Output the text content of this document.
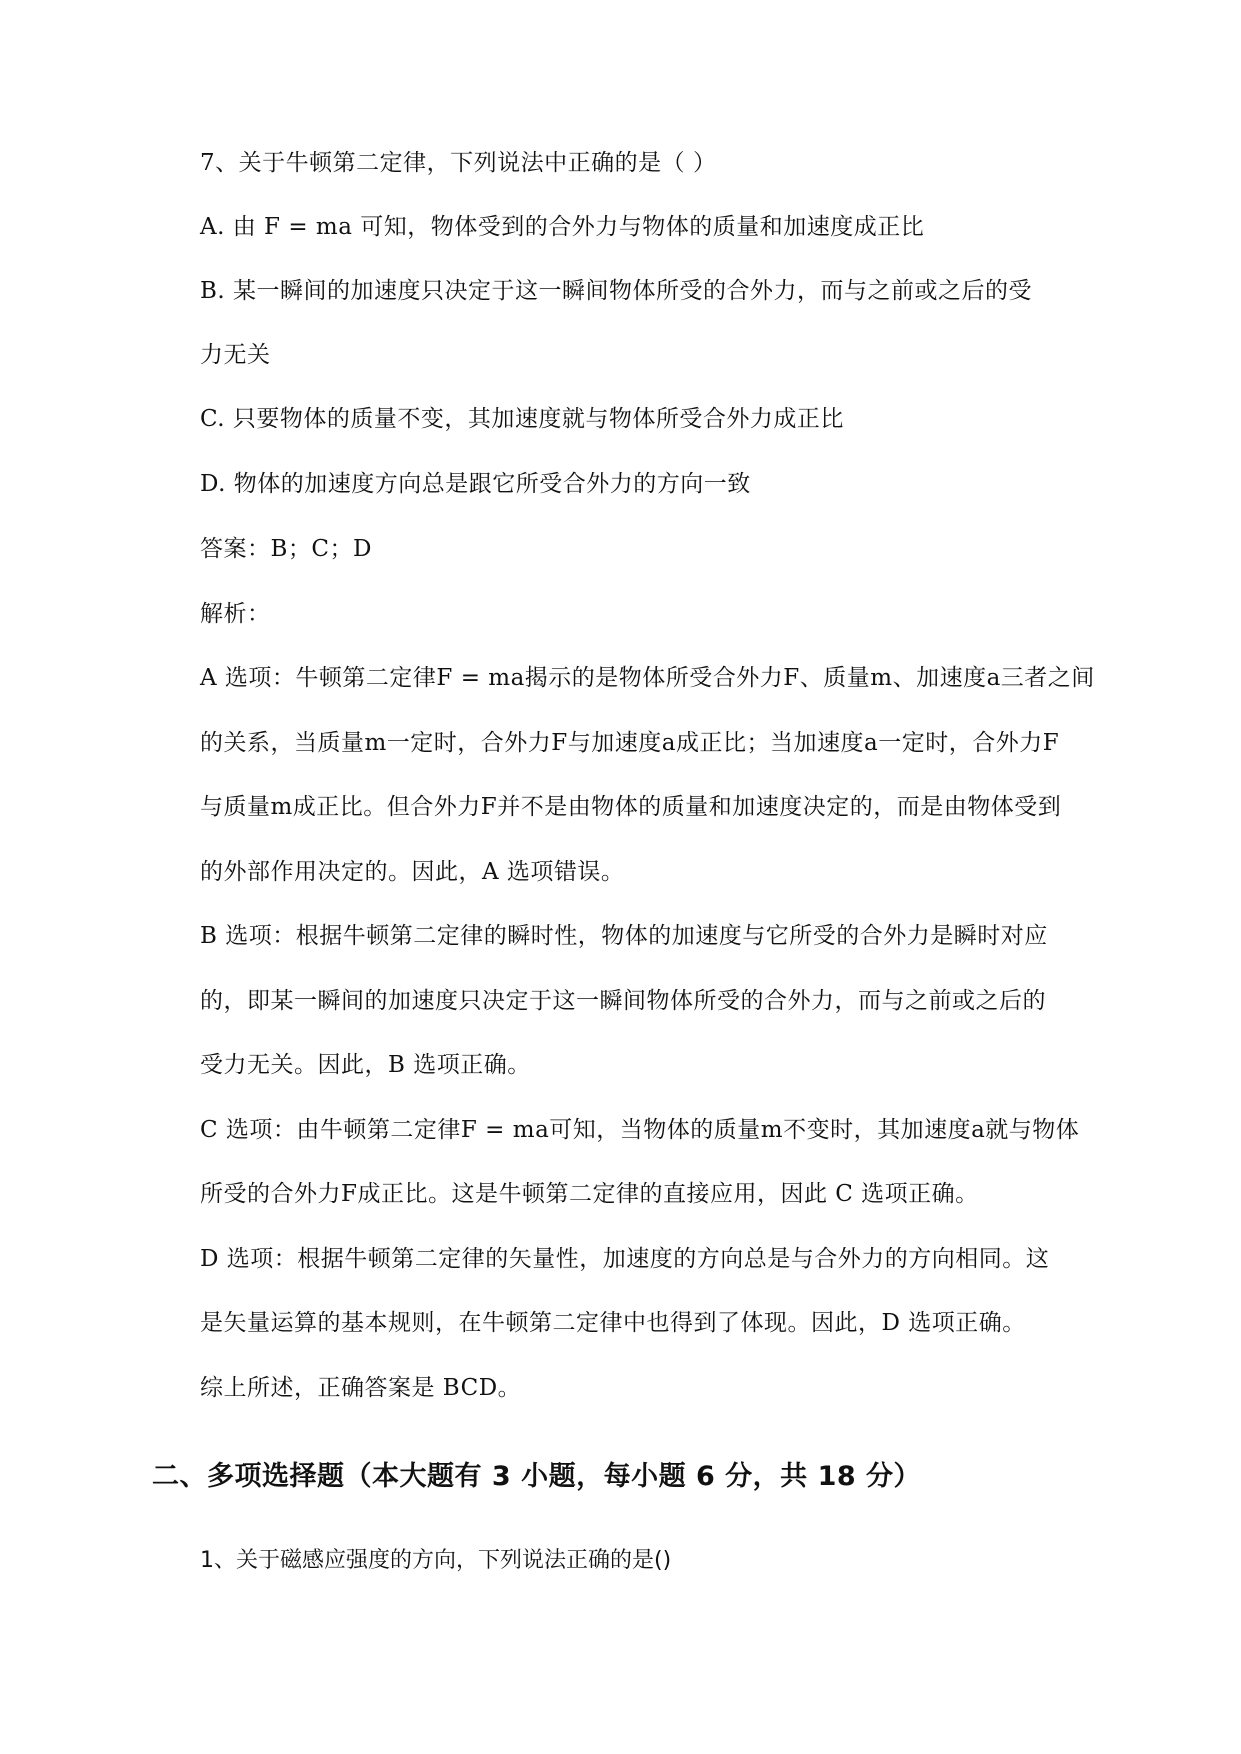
7、关于牛顿第二定律，下列说法中正确的是（ ）
A. 由 F = ma 可知，物体受到的合外力与物体的质量和加速度成正比
B. 某一瞬间的加速度只决定于这一瞬间物体所受的合外力，而与之前或之后的受
力无关
C. 只要物体的质量不变，其加速度就与物体所受合外力成正比
D. 物体的加速度方向总是跟它所受合外力的方向一致
答案：B；C；D
解析：
A 选项：牛顿第二定律F = ma揭示的是物体所受合外力F、质量m、加速度a三者之间
的关系，当质量m一定时，合外力F与加速度a成正比；当加速度a一定时，合外力F
与质量m成正比。但合外力F并不是由物体的质量和加速度决定的，而是由物体受到
的外部作用决定的。因此，A 选项错误。
B 选项：根据牛顿第二定律的瞬时性，物体的加速度与它所受的合外力是瞬时对应
的，即某一瞬间的加速度只决定于这一瞬间物体所受的合外力，而与之前或之后的
受力无关。因此，B 选项正确。
C 选项：由牛顿第二定律F = ma可知，当物体的质量m不变时，其加速度a就与物体
所受的合外力F成正比。这是牛顿第二定律的直接应用，因此 C 选项正确。
D 选项：根据牛顿第二定律的矢量性，加速度的方向总是与合外力的方向相同。这
是矢量运算的基本规则，在牛顿第二定律中也得到了体现。因此，D 选项正确。
综上所述，正确答案是 BCD。
二、多项选择题（本大题有 3 小题，每小题 6 分，共 18 分）
1、关于磁感应强度的方向，下列说法正确的是()
